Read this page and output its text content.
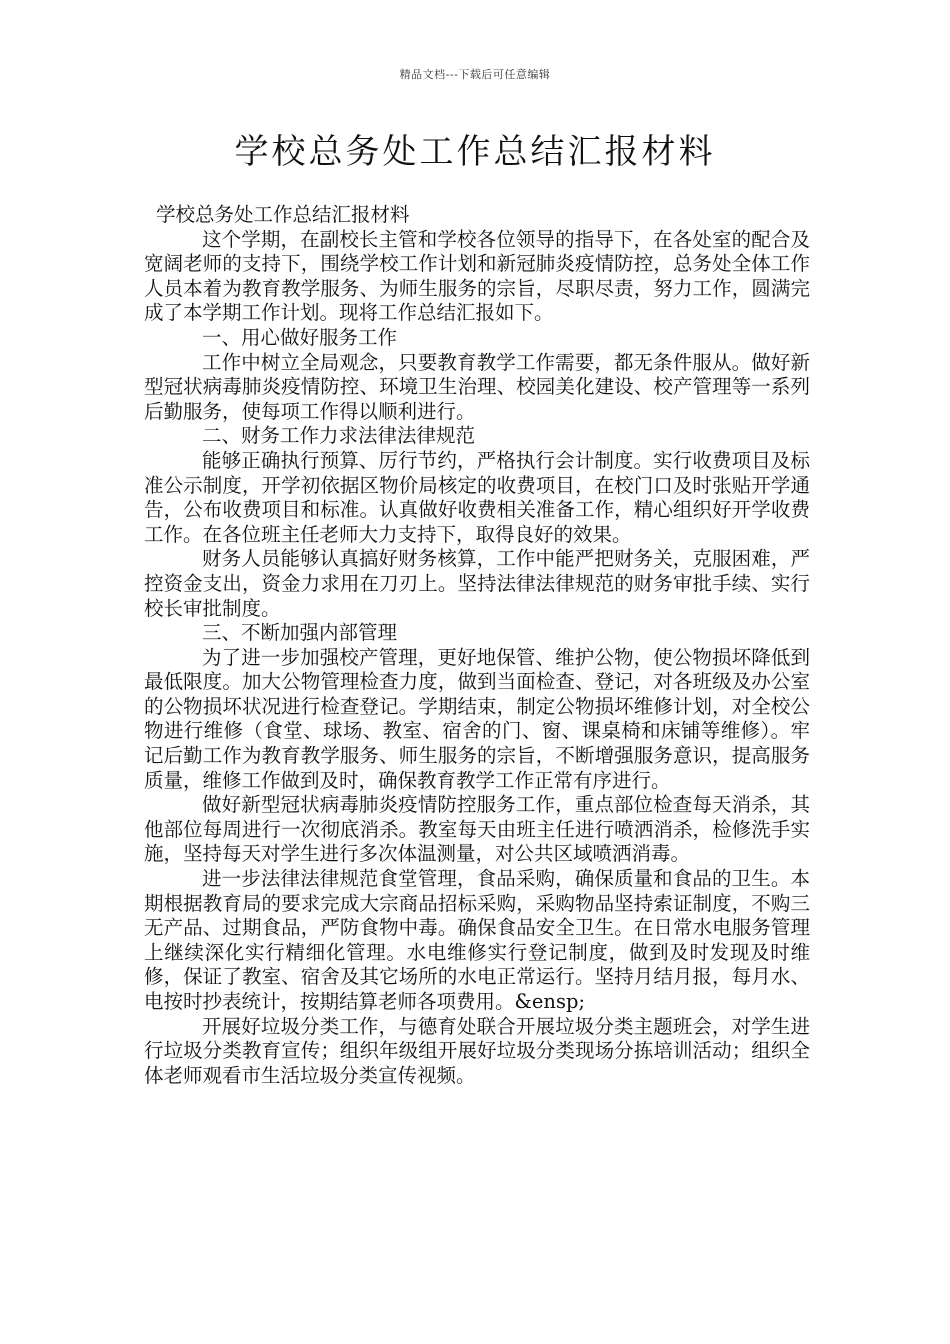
精品文档---下载后可任意编辑
学校总务处工作总结汇报材料

学校总务处工作总结汇报材料

这个学期，在副校长主管和学校各位领导的指导下，在各处室的配合及宽阔老师的支持下，围绕学校工作计划和新冠肺炎疫情防控，总务处全体工作人员本着为教育教学服务、为师生服务的宗旨，尽职尽责，努力工作，圆满完成了本学期工作计划。现将工作总结汇报如下。

一、用心做好服务工作

工作中树立全局观念，只要教育教学工作需要，都无条件服从。做好新型冠状病毒肺炎疫情防控、环境卫生治理、校园美化建设、校产管理等一系列后勤服务，使每项工作得以顺利进行。

二、财务工作力求法律法律规范

能够正确执行预算、厉行节约，严格执行会计制度。实行收费项目及标准公示制度，开学初依据区物价局核定的收费项目，在校门口及时张贴开学通告，公布收费项目和标准。认真做好收费相关准备工作，精心组织好开学收费工作。在各位班主任老师大力支持下，取得良好的效果。

财务人员能够认真搞好财务核算，工作中能严把财务关，克服困难，严控资金支出，资金力求用在刀刃上。坚持法律法律规范的财务审批手续、实行校长审批制度。

三、不断加强内部管理

为了进一步加强校产管理，更好地保管、维护公物，使公物损坏降低到最低限度。加大公物管理检查力度，做到当面检查、登记，对各班级及办公室的公物损坏状况进行检查登记。学期结束，制定公物损坏维修计划，对全校公物进行维修（食堂、球场、教室、宿舍的门、窗、课桌椅和床铺等维修）。牢记后勤工作为教育教学服务、师生服务的宗旨，不断增强服务意识，提高服务质量，维修工作做到及时，确保教育教学工作正常有序进行。

做好新型冠状病毒肺炎疫情防控服务工作，重点部位检查每天消杀，其他部位每周进行一次彻底消杀。教室每天由班主任进行喷洒消杀，检修洗手实施，坚持每天对学生进行多次体温测量，对公共区域喷洒消毒。

进一步法律法律规范食堂管理，食品采购，确保质量和食品的卫生。本期根据教育局的要求完成大宗商品招标采购，采购物品坚持索证制度，不购三无产品、过期食品，严防食物中毒。确保食品安全卫生。在日常水电服务管理上继续深化实行精细化管理。水电维修实行登记制度，做到及时发现及时维修，保证了教室、宿舍及其它场所的水电正常运行。坚持月结月报，每月水、电按时抄表统计，按期结算老师各项费用。&ensp;

开展好垃圾分类工作，与德育处联合开展垃圾分类主题班会，对学生进行垃圾分类教育宣传；组织年级组开展好垃圾分类现场分拣培训活动；组织全体老师观看市生活垃圾分类宣传视频。
